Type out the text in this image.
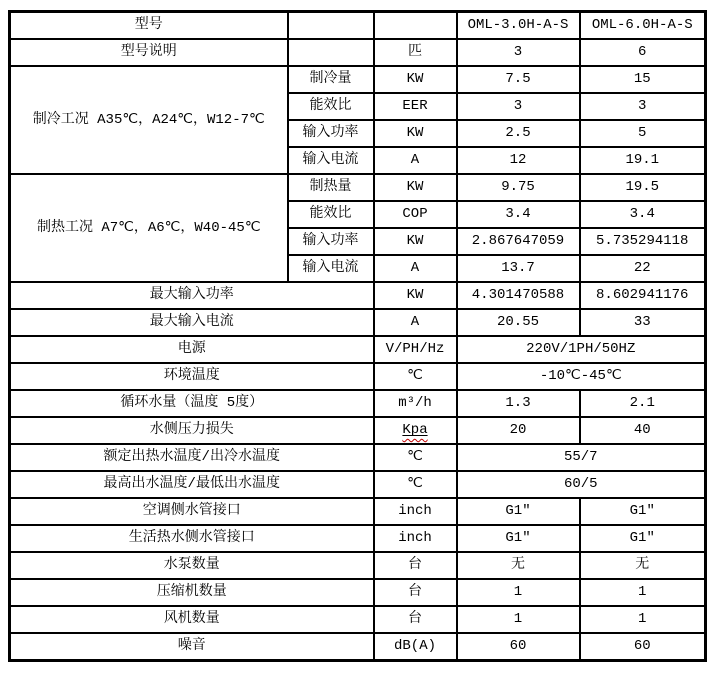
型号			OML-3.0H-A-S	OML-6.0H-A-S
型号说明		匹	3	6
制冷工况 A35℃，A24℃，W12-7℃	制冷量	KW	7.5	15
	能效比	EER	3	3
	输入功率	KW	2.5	5
	输入电流	A	12	19.1
制热工况 A7℃，A6℃，W40-45℃	制热量	KW	9.75	19.5
	能效比	COP	3.4	3.4
	输入功率	KW	2.867647059	5.735294118
	输入电流	A	13.7	22
最大输入功率		KW	4.301470588	8.602941176
最大输入电流		A	20.55	33
电源		V/PH/Hz	220V/1PH/50HZ	
环境温度		℃	-10℃-45℃	
循环水量（温度 5度）		m³/h	1.3	2.1
水侧压力损失		Kpa	20	40
额定出热水温度/出冷水温度		℃	55/7	
最高出水温度/最低出水温度		℃	60/5	
空调侧水管接口		inch	G1″	G1″
生活热水侧水管接口		inch	G1″	G1″
水泵数量		台	无	无
压缩机数量		台	1	1
风机数量		台	1	1
噪音		dB(A)	60	60
